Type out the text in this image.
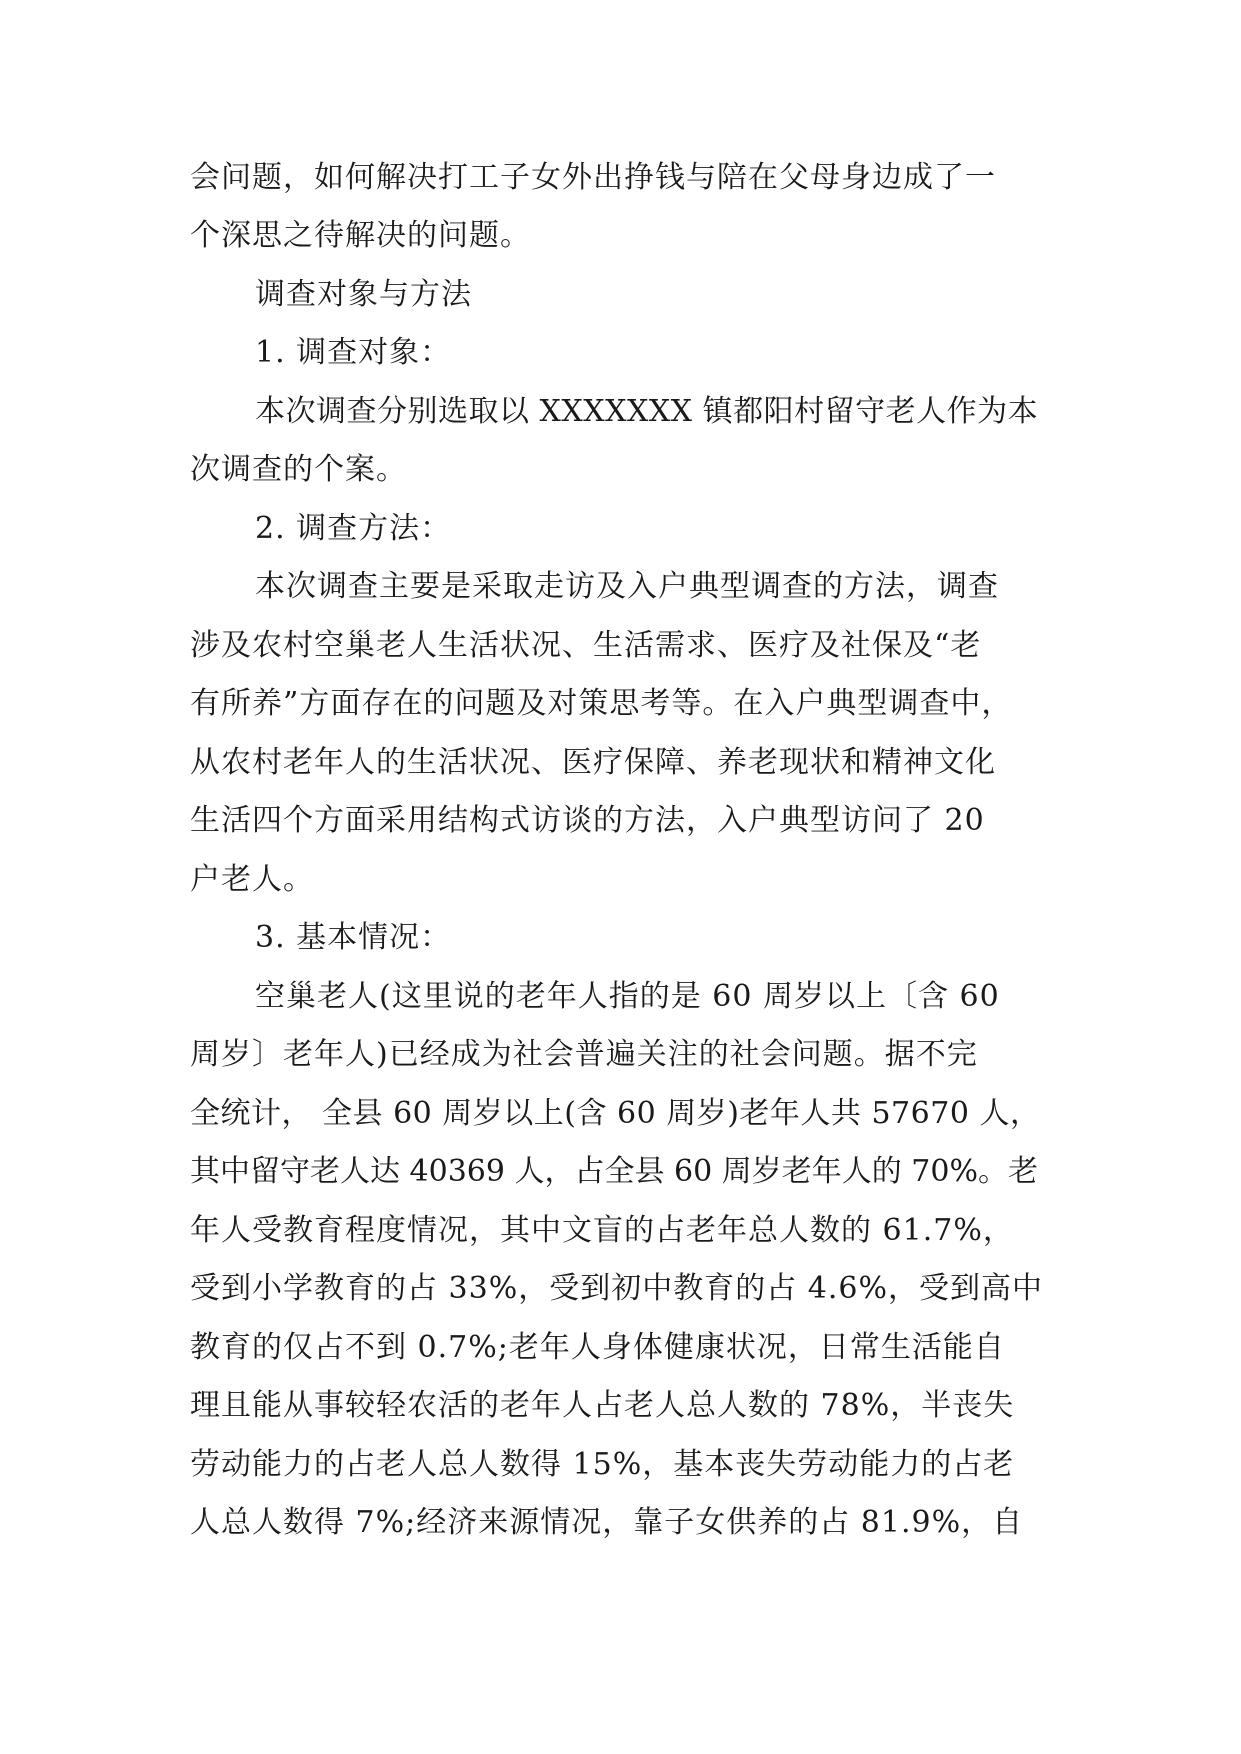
会问题，如何解决打工子女外出挣钱与陪在父母身边成了一
个深思之待解决的问题。
调查对象与方法
1. 调查对象：
本次调查分别选取以 XXXXXXX 镇都阳村留守老人作为本
次调查的个案。
2. 调查方法：
本次调查主要是采取走访及入户典型调查的方法，调查
涉及农村空巢老人生活状况、生活需求、医疗及社保及“老
有所养”方面存在的问题及对策思考等。在入户典型调查中，
从农村老年人的生活状况、医疗保障、养老现状和精神文化
生活四个方面采用结构式访谈的方法，入户典型访问了 20
户老人。
3. 基本情况：
空巢老人(这里说的老年人指的是 60 周岁以上〔含 60
周岁〕老年人)已经成为社会普遍关注的社会问题。据不完
全统计， 全县 60 周岁以上(含 60 周岁)老年人共 57670 人，
其中留守老人达 40369 人，占全县 60 周岁老年人的 70%。老
年人受教育程度情况，其中文盲的占老年总人数的 61.7%，
受到小学教育的占 33%，受到初中教育的占 4.6%，受到高中
教育的仅占不到 0.7%;老年人身体健康状况，日常生活能自
理且能从事较轻农活的老年人占老人总人数的 78%，半丧失
劳动能力的占老人总人数得 15%，基本丧失劳动能力的占老
人总人数得 7%;经济来源情况，靠子女供养的占 81.9%，自
